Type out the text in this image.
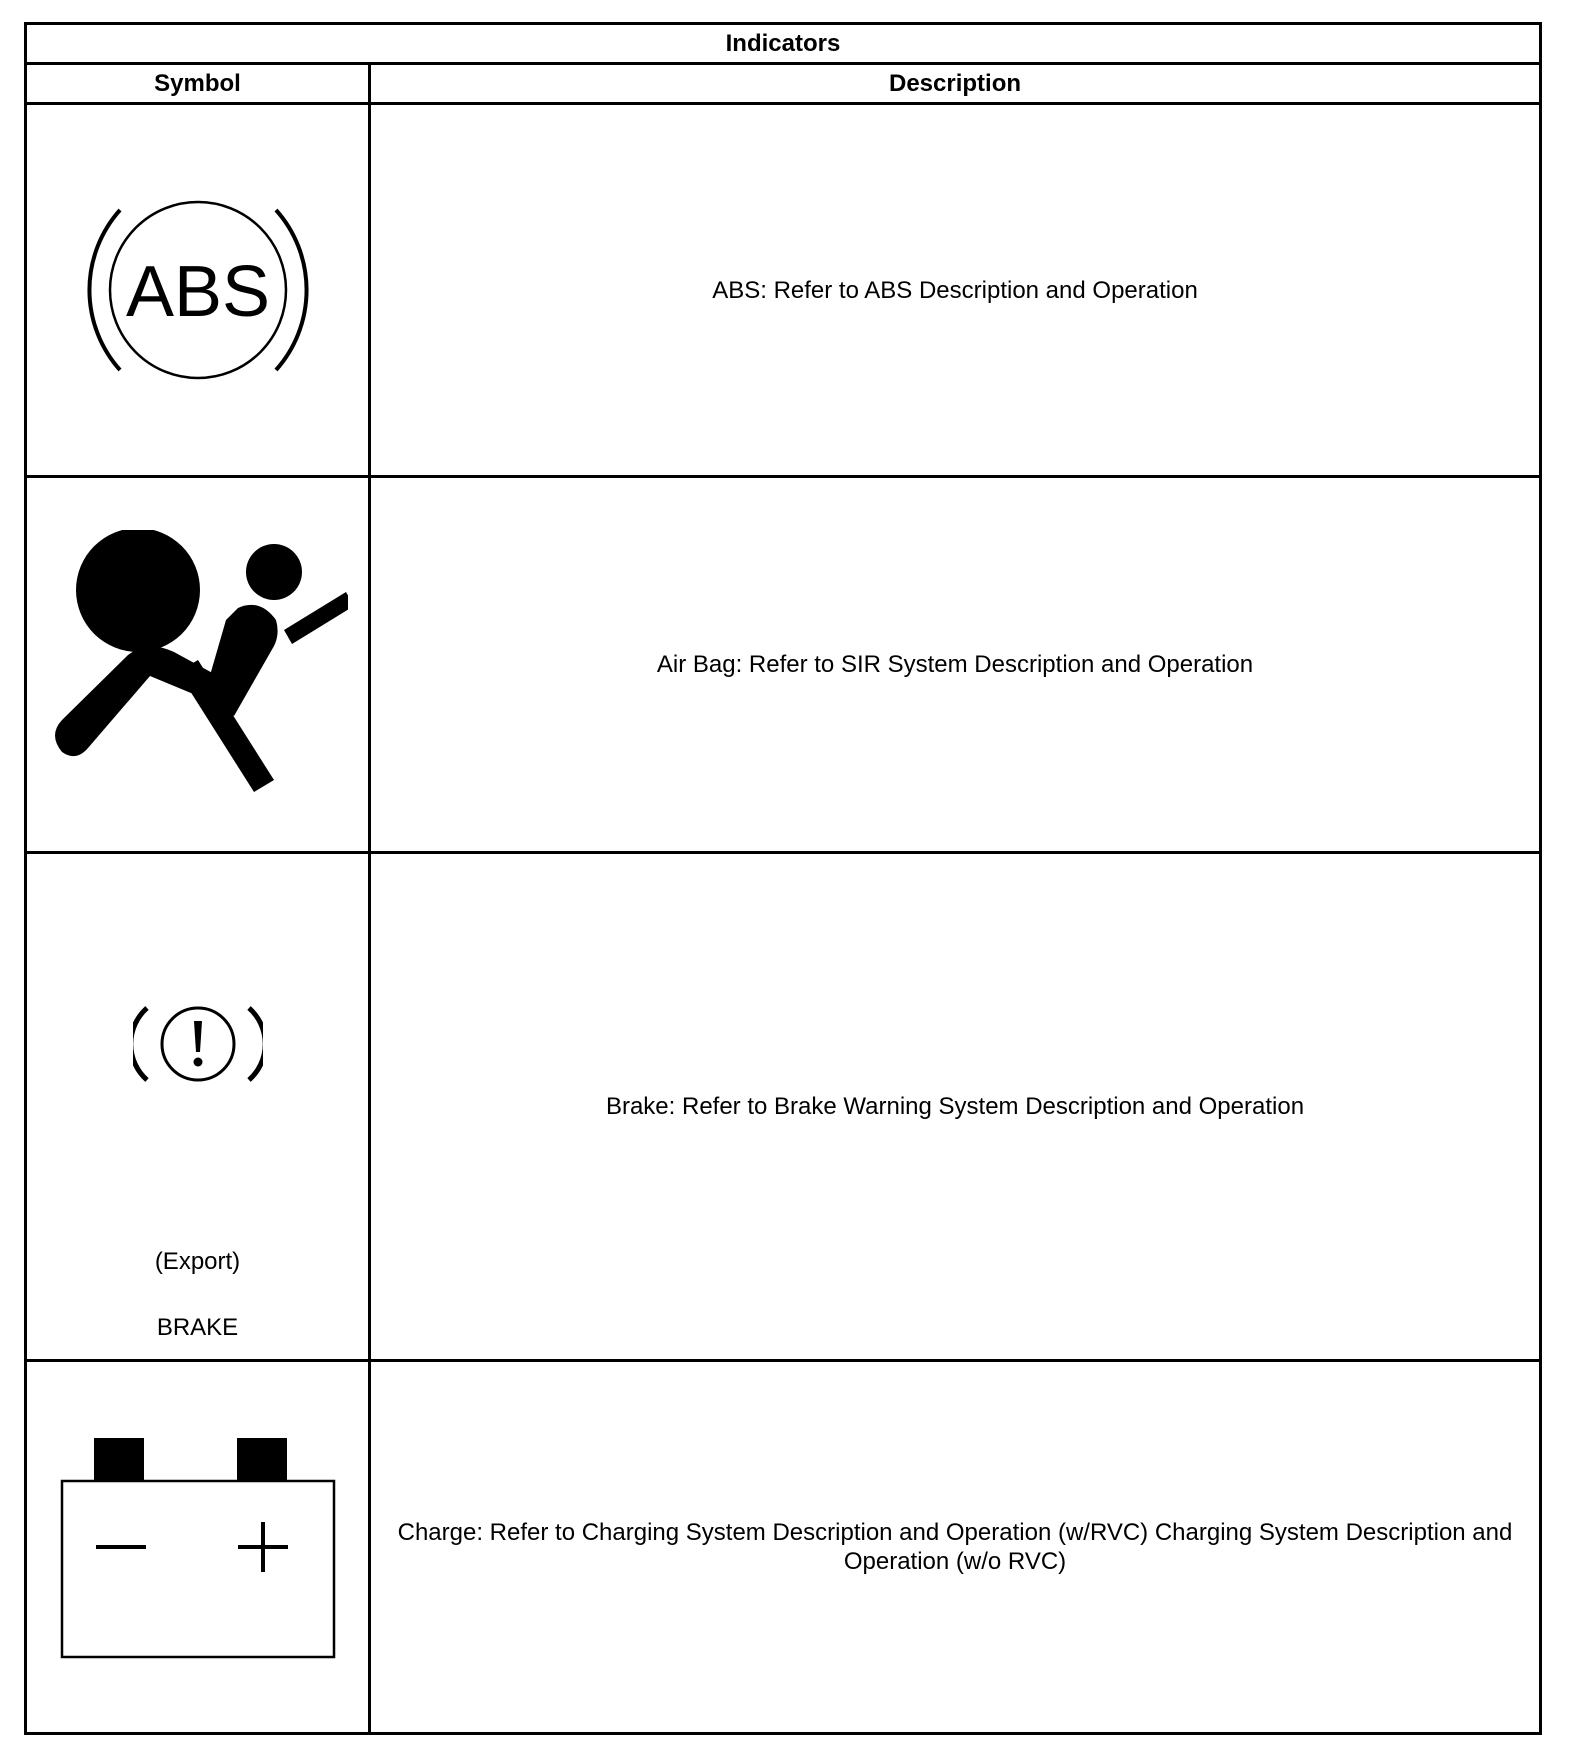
Indicators	
Symbol	Description

ABS	ABS: Refer to ABS Description and Operation

	Air Bag: Refer to SIR System Description and Operation

(Export)
BRAKE	Brake: Refer to Brake Warning System Description and Operation

	Charge: Refer to Charging System Description and Operation (w/RVC) Charging System Description and Operation (w/o RVC)
